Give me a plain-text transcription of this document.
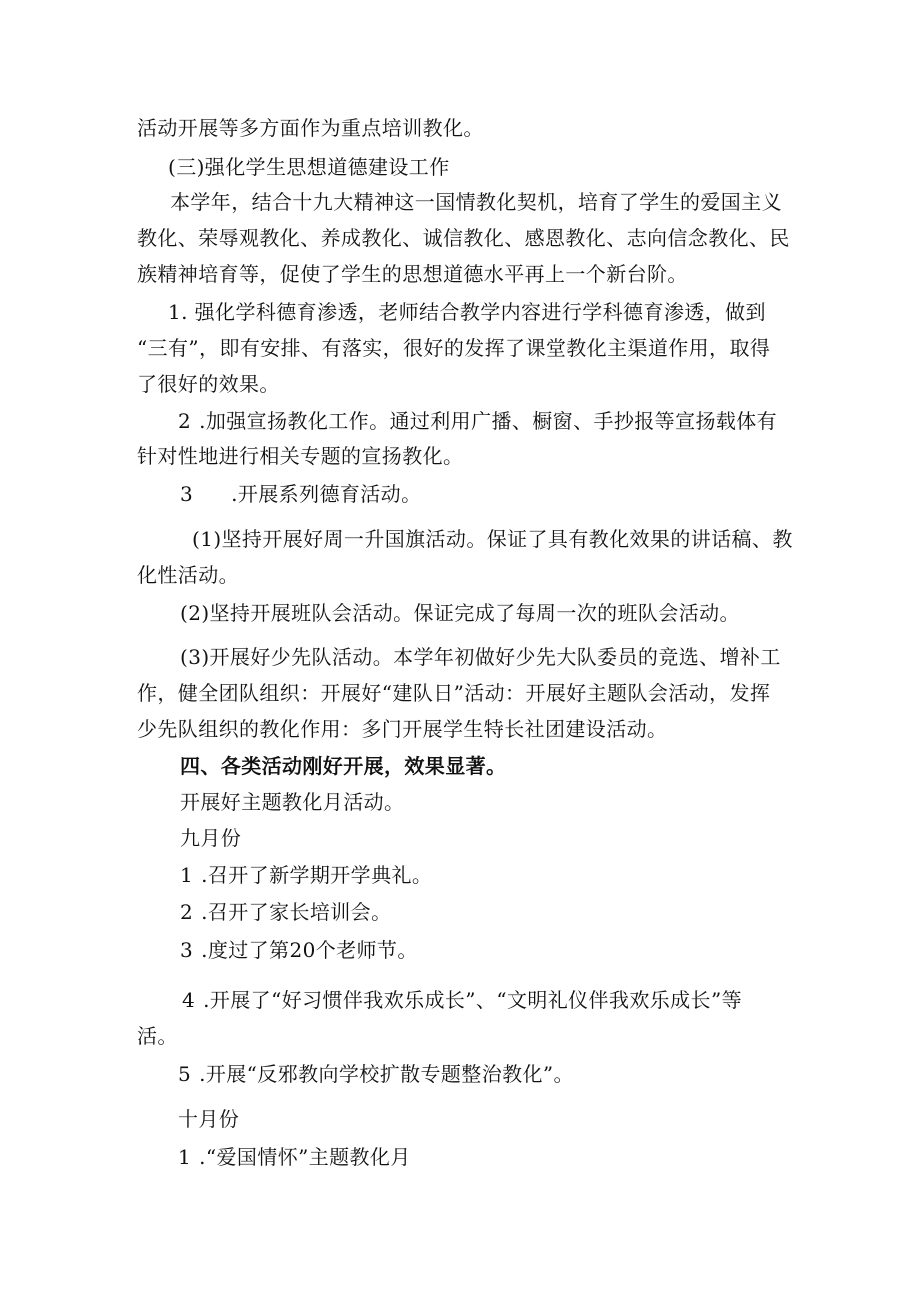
活动开展等多方面作为重点培训教化。
(三)强化学生思想道德建设工作
本学年，结合十九大精神这一国情教化契机，培育了学生的爱国主义
教化、荣辱观教化、养成教化、诚信教化、感恩教化、志向信念教化、民
族精神培育等，促使了学生的思想道德水平再上一个新台阶。
1. 强化学科德育渗透，老师结合教学内容进行学科德育渗透，做到
“三有”，即有安排、有落实，很好的发挥了课堂教化主渠道作用，取得
了很好的效果。
2 .加强宣扬教化工作。通过利用广播、橱窗、手抄报等宣扬载体有
针对性地进行相关专题的宣扬教化。
3 .开展系列德育活动。
(1)坚持开展好周一升国旗活动。保证了具有教化效果的讲话稿、教
化性活动。
(2)坚持开展班队会活动。保证完成了每周一次的班队会活动。
(3)开展好少先队活动。本学年初做好少先大队委员的竞选、增补工
作，健全团队组织：开展好“建队日”活动：开展好主题队会活动，发挥
少先队组织的教化作用：多门开展学生特长社团建设活动。
四、各类活动刚好开展，效果显著。
开展好主题教化月活动。
九月份
1 .召开了新学期开学典礼。
2 .召开了家长培训会。
3 .度过了第20个老师节。
4 .开展了“好习惯伴我欢乐成长”、“文明礼仪伴我欢乐成长”等
活。
5 .开展“反邪教向学校扩散专题整治教化”。
十月份
1 .“爱国情怀”主题教化月
